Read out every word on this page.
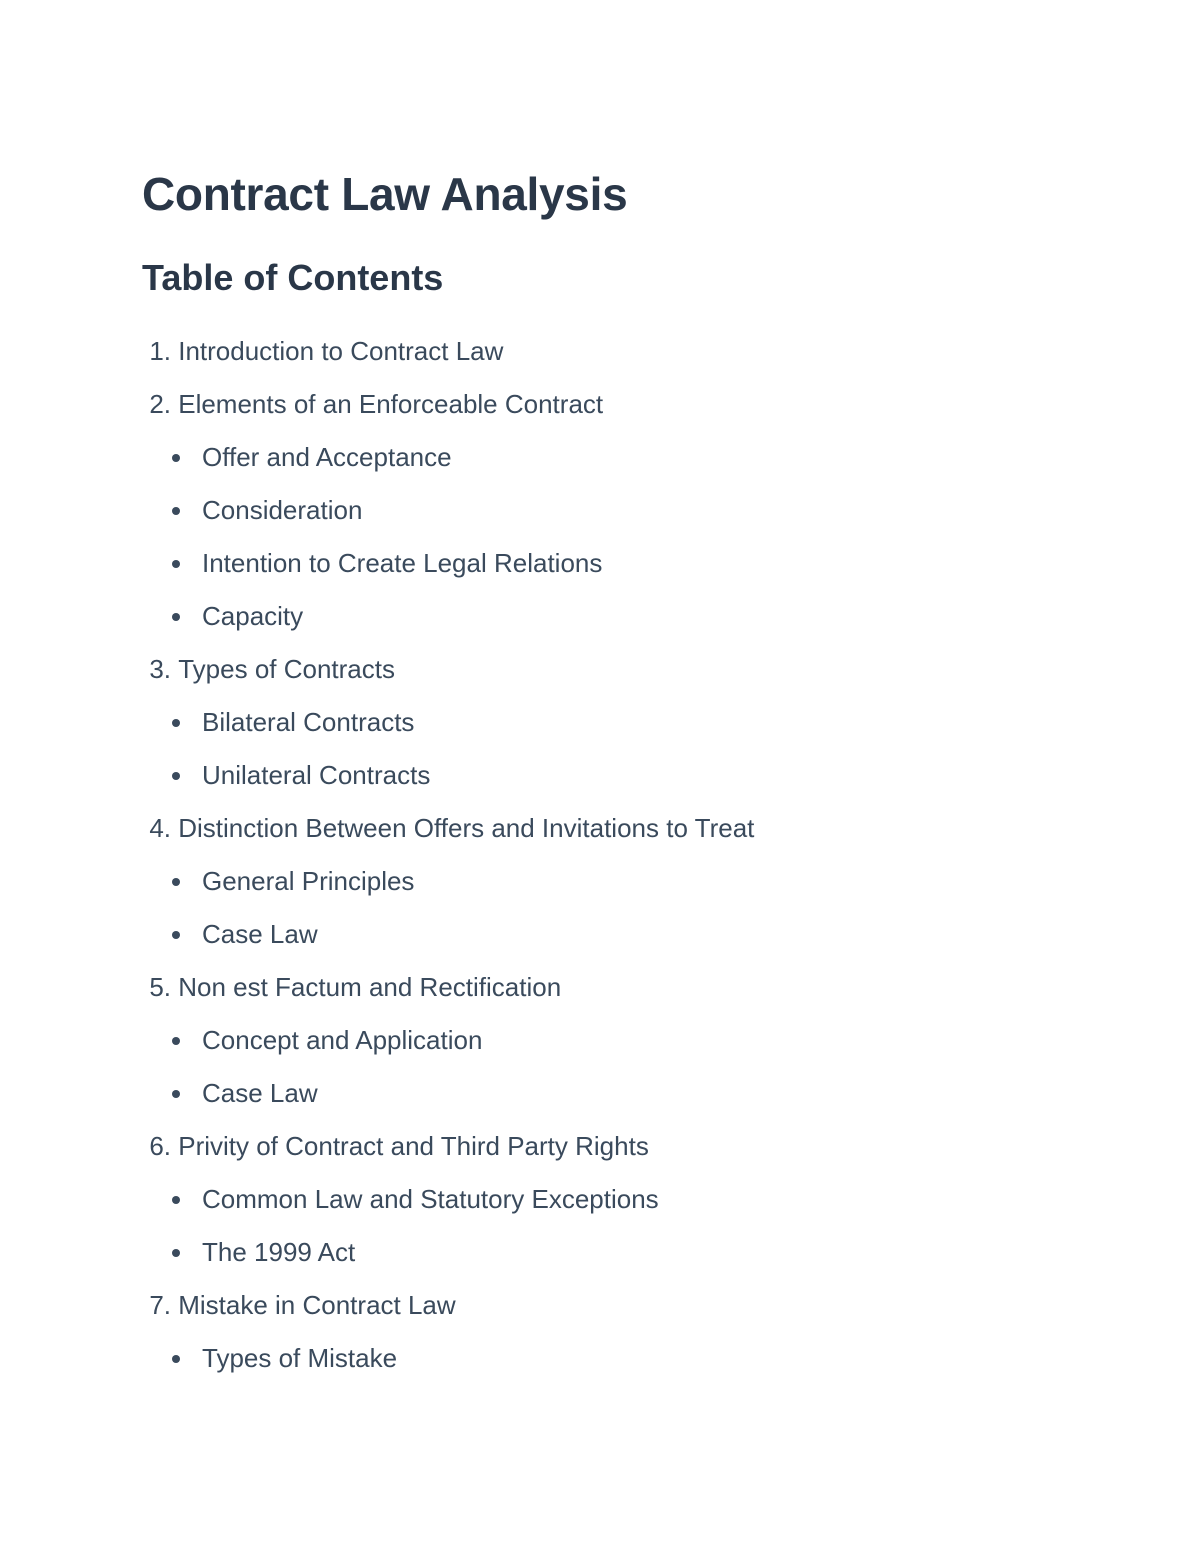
Contract Law Analysis
Table of Contents
1. Introduction to Contract Law
2. Elements of an Enforceable Contract
Offer and Acceptance
Consideration
Intention to Create Legal Relations
Capacity
3. Types of Contracts
Bilateral Contracts
Unilateral Contracts
4. Distinction Between Offers and Invitations to Treat
General Principles
Case Law
5. Non est Factum and Rectification
Concept and Application
Case Law
6. Privity of Contract and Third Party Rights
Common Law and Statutory Exceptions
The 1999 Act
7. Mistake in Contract Law
Types of Mistake
